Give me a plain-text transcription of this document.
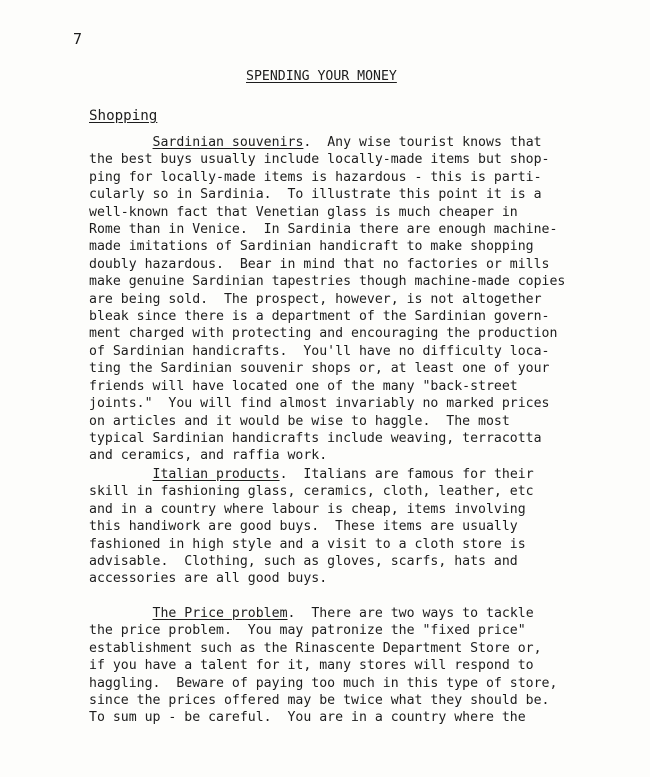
7
SPENDING YOUR MONEY
Shopping

Sardinian souvenirs.  Any wise tourist knows that
the best buys usually include locally-made items but shop-
ping for locally-made items is hazardous - this is parti-
cularly so in Sardinia.  To illustrate this point it is a
well-known fact that Venetian glass is much cheaper in
Rome than in Venice.  In Sardinia there are enough machine-
made imitations of Sardinian handicraft to make shopping
doubly hazardous.  Bear in mind that no factories or mills
make genuine Sardinian tapestries though machine-made copies
are being sold.  The prospect, however, is not altogether
bleak since there is a department of the Sardinian govern-
ment charged with protecting and encouraging the production
of Sardinian handicrafts.  You'll have no difficulty loca-
ting the Sardinian souvenir shops or, at least one of your
friends will have located one of the many "back-street
joints."  You will find almost invariably no marked prices
on articles and it would be wise to haggle.  The most
typical Sardinian handicrafts include weaving, terracotta
and ceramics, and raffia work.

Italian products.  Italians are famous for their
skill in fashioning glass, ceramics, cloth, leather, etc
and in a country where labour is cheap, items involving
this handiwork are good buys.  These items are usually
fashioned in high style and a visit to a cloth store is
advisable.  Clothing, such as gloves, scarfs, hats and
accessories are all good buys.

The Price problem.  There are two ways to tackle
the price problem.  You may patronize the "fixed price"
establishment such as the Rinascente Department Store or,
if you have a talent for it, many stores will respond to
haggling.  Beware of paying too much in this type of store,
since the prices offered may be twice what they should be.
To sum up - be careful.  You are in a country where the
